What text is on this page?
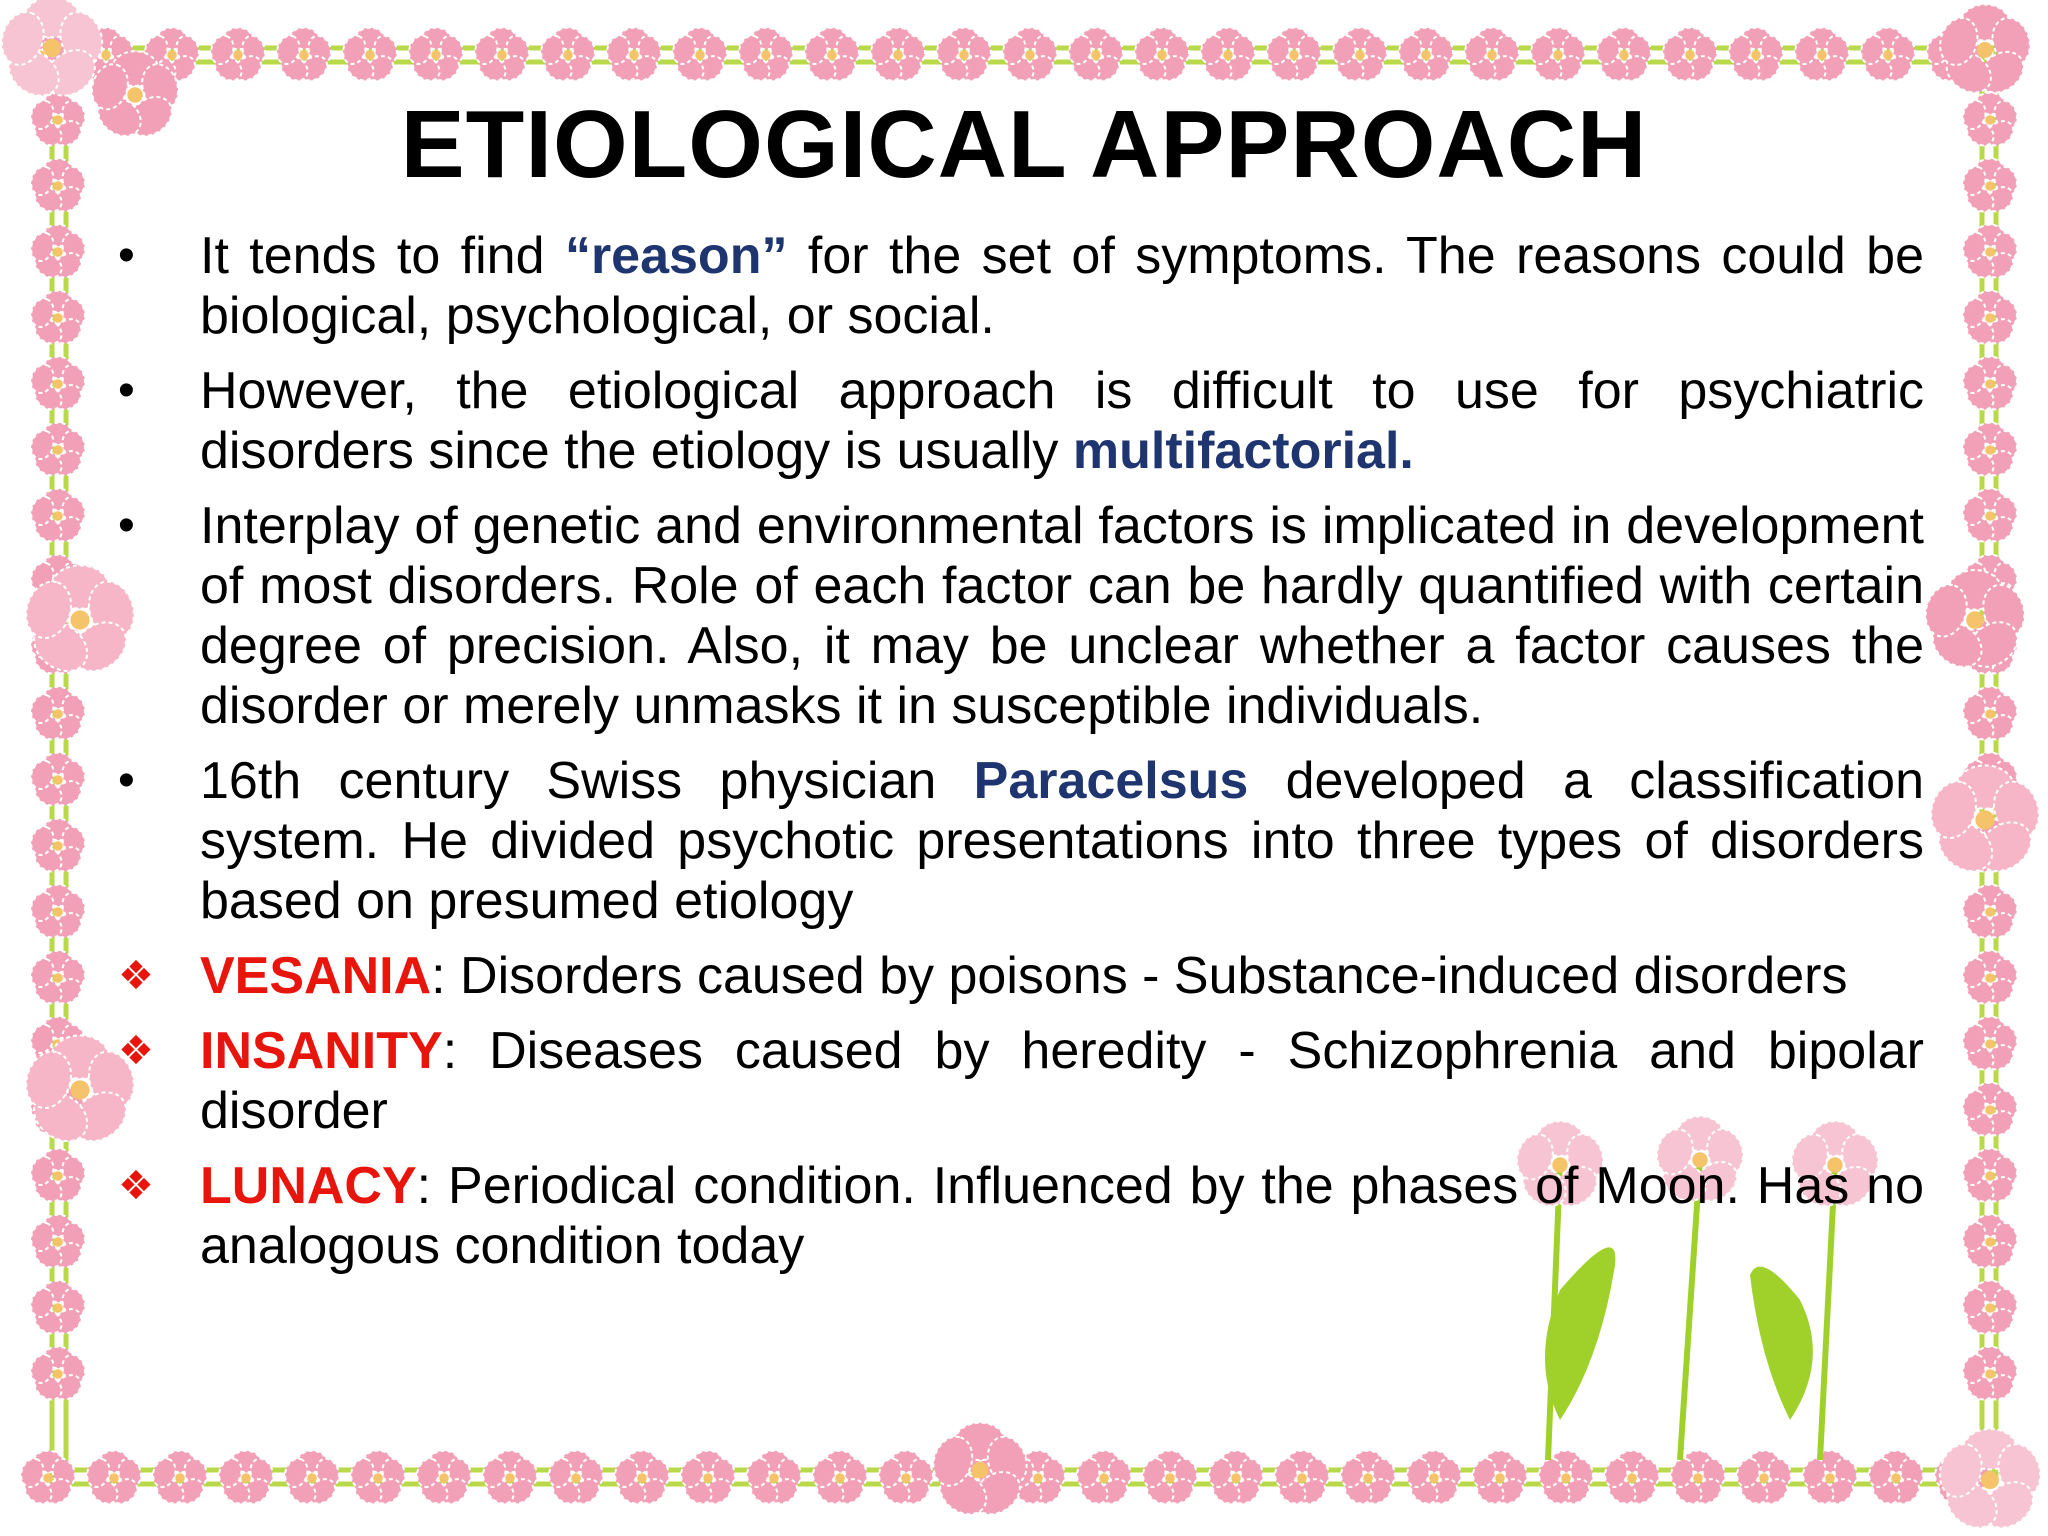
ETIOLOGICAL APPROACH
•	It tends to find “reason” for the set of symptoms. The reasons could be biological, psychological, or social.
•	However, the etiological approach is difficult to use for psychiatric disorders since the etiology is usually multifactorial.
•	Interplay of genetic and environmental factors is implicated in development of most disorders. Role of each factor can be hardly quantified with certain degree of precision. Also, it may be unclear whether a factor causes the disorder or merely unmasks it in susceptible individuals.
•	16th century Swiss physician Paracelsus developed a classification system. He divided psychotic presentations into three types of disorders based on presumed etiology
❖ VESANIA: Disorders caused by poisons - Substance-induced disorders
❖ INSANITY: Diseases caused by heredity - Schizophrenia and bipolar disorder
❖ LUNACY: Periodical condition. Influenced by the phases of Moon. Has no analogous condition today
